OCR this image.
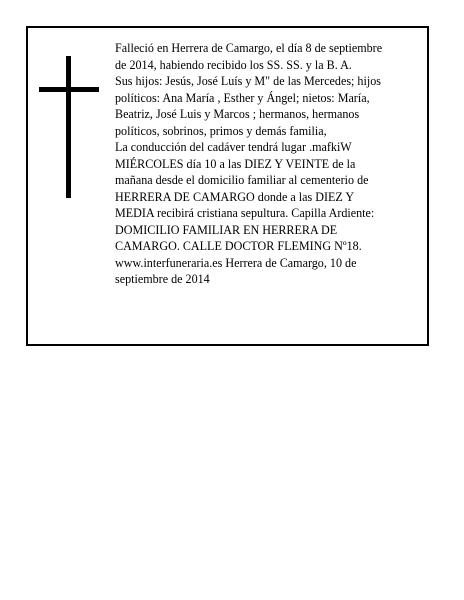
Falleció en Herrera de Camargo, el día 8 de septiembre
de 2014, habiendo recibido los SS. SS. y la B. A.
Sus hijos: Jesús, José Luís y M" de las Mercedes; hijos
políticos: Ana María , Esther y Ángel; nietos: María,
Beatriz, José Luis y Marcos ; hermanos, hermanos
políticos, sobrinos, primos y demás familia,
La conducción del cadáver tendrá lugar .mafkiW
MIÉRCOLES día 10 a las DIEZ Y VEINTE de la
mañana desde el domicilio familiar al cementerio de
HERRERA DE CAMARGO donde a las DIEZ Y
MEDIA recibirá cristiana sepultura. Capilla Ardiente:
DOMICILIO FAMILIAR EN HERRERA DE
CAMARGO. CALLE DOCTOR FLEMING Nº18.
www.interfuneraria.es Herrera de Camargo, 10 de
septiembre de 2014
